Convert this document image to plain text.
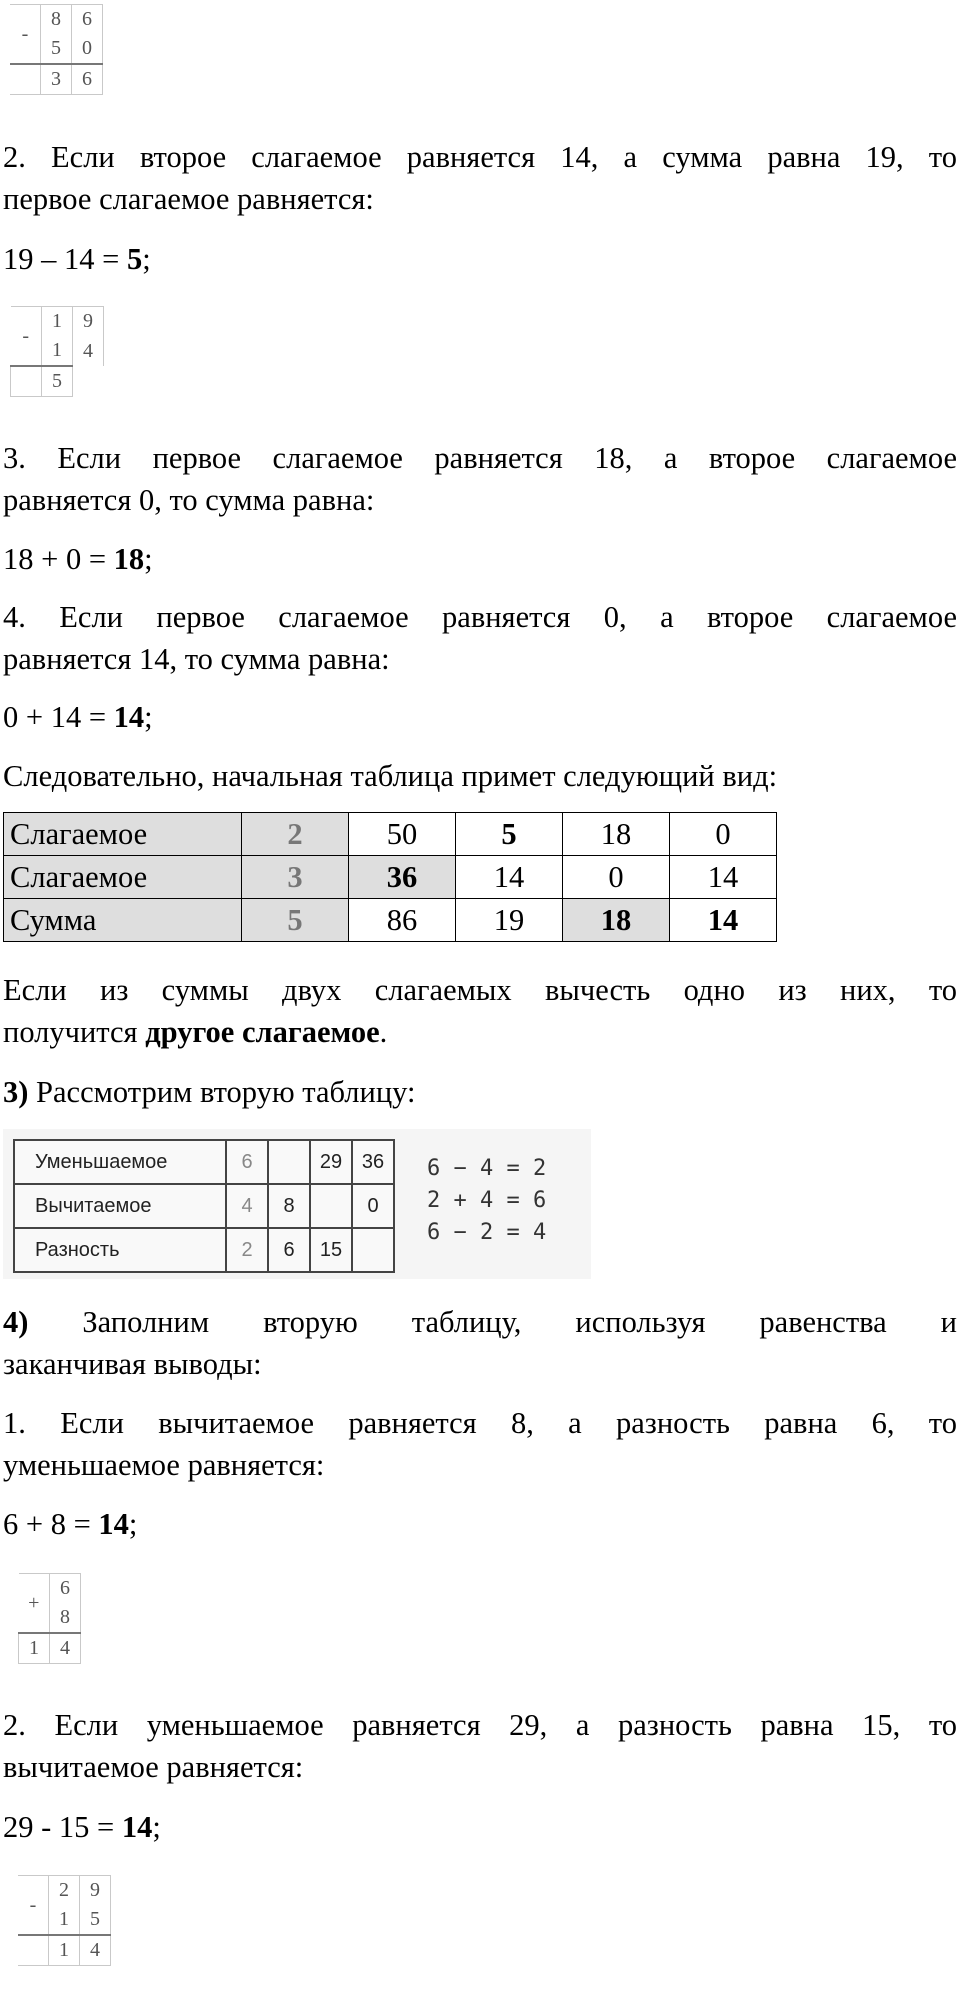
-	8	6
	5	0
	3	6

2. Если второе слагаемое равняется 14, а сумма равна 19, то
первое слагаемое равняется:

19 – 14 = 5;

-	1	9
	1	4
	5	

3. Если первое слагаемое равняется 18, а второе слагаемое
равняется 0, то сумма равна:

18 + 0 = 18;

4. Если первое слагаемое равняется 0, а второе слагаемое
равняется 14, то сумма равна:

0 + 14 = 14;

Следовательно, начальная таблица примет следующий вид:

Слагаемое	2	50	5	18	0
Слагаемое	3	36	14	0	14
Сумма	5	86	19	18	14

Если из суммы двух слагаемых вычесть одно из них, то
получится другое слагаемое.

3) Рассмотрим вторую таблицу:

Уменьшаемое	6		29	36
Вычитаемое	4	8		0
Разность	2	6	15	
6 − 4 = 2
2 + 4 = 6
6 − 2 = 4

4) Заполним вторую таблицу, используя равенства и
заканчивая выводы:

1. Если вычитаемое равняется 8, а разность равна 6, то
уменьшаемое равняется:

6 + 8 = 14;

+	6
	8
1	4

2. Если уменьшаемое равняется 29, а разность равна 15, то
вычитаемое равняется:

29 - 15 = 14;

-	2	9
	1	5
	1	4
